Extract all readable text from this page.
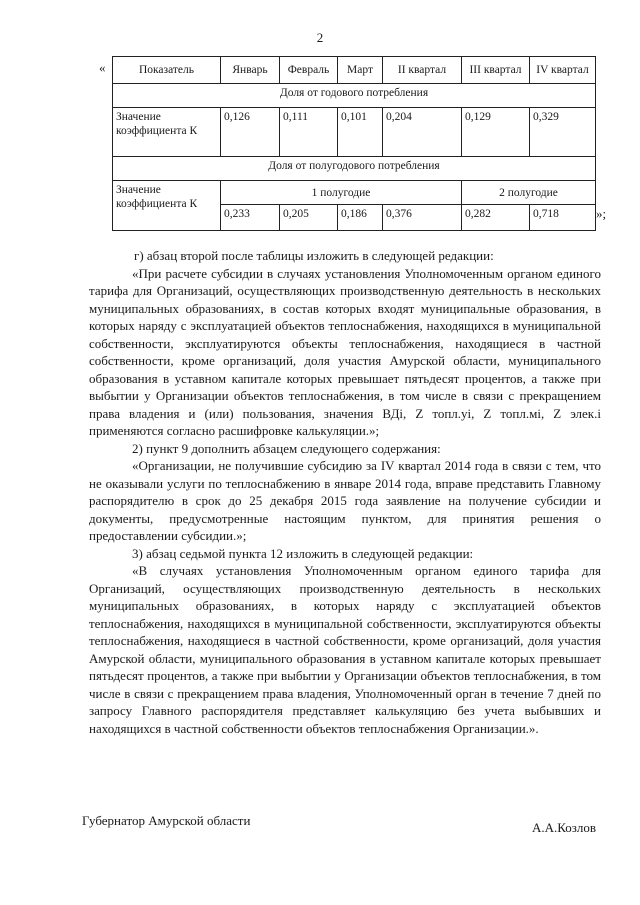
2
«	Показатель	Январь	Февраль	Март	II квартал	III квартал	IV квартал
Доля от годового потребления						
Значение коэффициента К	0,126	0,111	0,101	0,204	0,129	0,329
Доля от полугодового потребления						
Значение коэффициента К	1 полугодие				2 полугодие	
	0,233	0,205	0,186	0,376	0,282	0,718	»;

г) абзац второй после таблицы изложить в следующей редакции:

«При расчете субсидии в случаях установления Уполномоченным органом единого тарифа для Организаций, осуществляющих производственную деятельность в нескольких муниципальных образованиях, в состав которых входят муниципальные образования, в которых наряду с эксплуатацией объектов теплоснабжения, находящихся в муниципальной собственности, эксплуатируются объекты теплоснабжения, находящиеся в частной собственности, кроме организаций, доля участия Амурской области, муниципального образования в уставном капитале которых превышает пятьдесят процентов, а также при выбытии у Организации объектов теплоснабжения, в том числе в связи с прекращением права владения и (или) пользования, значения ВДі, Z топл.уі, Z топл.мі, Z элек.і применяются согласно расшифровке калькуляции.»;

2) пункт 9 дополнить абзацем следующего содержания:

«Организации, не получившие субсидию за IV квартал 2014 года в связи с тем, что не оказывали услуги по теплоснабжению в январе 2014 года, вправе представить Главному распорядителю в срок до 25 декабря 2015 года заявление на получение субсидии и документы, предусмотренные настоящим пунктом, для принятия решения о предоставлении субсидии.»;

3) абзац седьмой пункта 12 изложить в следующей редакции:

«В случаях установления Уполномоченным органом единого тарифа для Организаций, осуществляющих производственную деятельность в нескольких муниципальных образованиях, в которых наряду с эксплуатацией объектов теплоснабжения, находящихся в муниципальной собственности, эксплуатируются объекты теплоснабжения, находящиеся в частной собственности, кроме организаций, доля участия Амурской области, муниципального образования в уставном капитале которых превышает пятьдесят процентов, а также при выбытии у Организации объектов теплоснабжения, в том числе в связи с прекращением права владения, Уполномоченный орган в течение 7 дней по запросу Главного распорядителя представляет калькуляцию без учета выбывших и находящихся в частной собственности объектов теплоснабжения Организации.».

Губернатор Амурской области	А.А.Козлов
